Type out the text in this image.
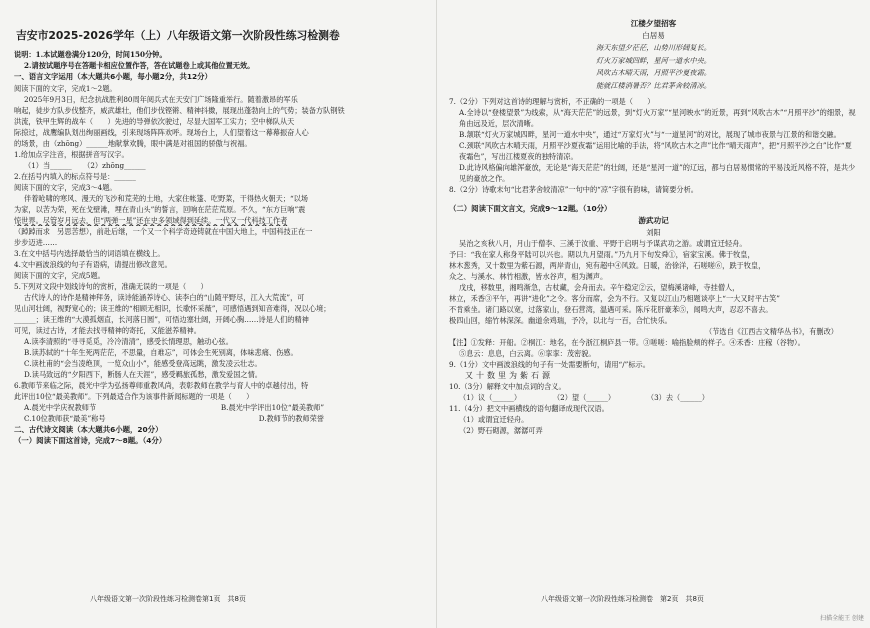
吉安市2025-2026学年（上）八年级语文第一次阶段性练习检测卷
说明：1.本试题卷满分120分，时间150分钟。
2.请按试题序号在答题卡相应位置作答，答在试题卷上或其他位置无效。
一、语言文字运用（本大题共6小题，每小题2分，共12分）
阅读下面的文字，完成1～2题。
2025年9月3日，纪念抗战胜利80周年阅兵式在天安门广场隆重举行。随着激昂的军乐
响起，徒步方队步伐整齐，威武雄壮，他们步伐铿锵、精神抖擞，展现出蓬勃向上的气势；装备方队钢铁
洪流，铁甲生辉的战车（　　）先进的导弹依次驶过，尽显大国军工实力；空中梯队从天
际掠过，战鹰编队划出绚丽画线，引来现场阵阵欢呼。现场台上，人们望着这一幕幕振奋人心
的场景，由（zhōng）______地献掌欢腾，眼中满是对祖国的骄傲与祝福。
1.给加点字注音，根据拼音写汉字。
（1）当______ （2）zhōng______
2.在括号内填入的标点符号是：______
阅读下面的文字，完成3～4题。
伴着呛啸的寒风、漫天的飞沙和荒芜的土地，大家住帐篷、吃野菜，干得热火朝天；“以场
为家，以苦为荣，死在戈壁滩，埋在青山头”的誓言，回响在茫茫荒原。不久，“东方巨响”震
惊世界。尽管岁月远去，但“两弹一星”还在史多领域得到延续。一代又一代科技工作者
（踔踔而求　另思苦想），前赴后继，一个又一个科学奇迹铸就在中国大地上，中国科技正在一
步步迈进……
3.在文中括号内选择最恰当的词语填在横线上。
4.文中画波浪线的句子有语病，请提出修改意见。
阅读下面的文字，完成5题。
5.下列对文段中划线诗句的赏析，准确无误的一项是（　　）
古代诗人的诗作是精神拜务，读诗能涵养诗心、读李白的“山随平野尽，江入大荒流”，可
见山河壮阔，视野宽心的；读王维的“相顾无相识，长歌怀采薇”，可感悟遇到知音难得，况以心境；
______；读王维的“大漠孤烟直，长河落日圆”，可悟边塞壮阔，开阔心胸……诗是人们的精神
可见，读过古诗，才能去找寻精神的寄托，又能滋养精神。
A.读李清照的“寻寻觅觅，冷冷清清”，感受长情理思，触动心弦。
B.读苏轼的“十年生死两茫茫，不思量，自难忘”，可体会生死别离，体味悲痛、伤感。
C.读杜甫的“会当凌绝顶，一览众山小”，能感受登高远眺，激发凌云壮志。
D.读马致远的“夕阳西下，断肠人在天涯”，感受羁旅孤愁，激发爱国之情。
6.教师节来临之际，晨光中学为弘扬尊师重教风尚，表彰教师在教学与育人中的卓越付出，特
此评出10位“最美教师”。下列最适合作为该事件新闻标题的一项是（　　）
A.晨光中学庆祝教师节	B.晨光中学评出10位“最美教师”
C.10位教师获“最美”称号	D.教师节的教师荣誉
二、古代诗文阅读（本大题共6小题，20分）
（一）阅读下面这首诗，完成7～8题。（4分）
八年级语文第一次阶段性练习检测卷第1页　共8页
江楼夕望招客
白居易
海天东望夕茫茫，山势川形阔复长。
灯火万家城四畔，星河一道水中央。
风吹古木晴天雨，月照平沙夏夜霜。
能就江楼消暑否？比君茅舍较清凉。
7.（2分）下列对这首诗的理解与赏析，不正确的一项是（　　）
A.全诗以“登楼望景”为线索，从“海天茫茫”的远景，到“灯火万家”“星河映水”的近景，再到“风吹古木”“月照平沙”的细景，视角由远及近，层次清晰。
B.颔联“灯火万家城四畔，星河一道水中央”，通过“万家灯火”与“一道星河”的对比，展现了城市夜景与江景的和谐交融。
C.颈联“风吹古木晴天雨，月照平沙夏夜霜”运用比喻的手法，将“风吹古木之声”比作“晴天雨声”，把“月照平沙之白”比作“夏夜霜色”，写出江楼夏夜的独特清凉。
D.此诗风格偏向雄浑豪放，无论是“海天茫茫”的壮阔，还是“星河一道”的辽远，都与白居易惯常的平易浅近风格不符，是共少见的豪放之作。
8.（2分）诗歌末句“比君茅舍较清凉”一句中的“凉”字很有韵味，请简要分析。
（二）阅读下面文言文，完成9～12题。（10分）
游武功记
刘阳
吴治之亥秋八月，月山于僧李、三溪于汝重、平野于启明与予谋武功之游。或谓宜迁轻舟。
予曰：“我在家人称身平陆可以兴也。期以九月望雨。”乃九月下旬发舜①，宿家宝溪。佛于牧皇，
林木葱秀，又十数里为紫石源，两岸青山，宛有超中④风致。日暖，治徐洋，石嗟嗟⑥，跌于牧皇，
众之、与溪水、林竹相激，皆水谷声，相为渊声。
戊戌，移数里，湘鸣渐急，古杖藏，会舟而去。辛午稳定②云，望梅溪诸峰，寺挂僧人，
林立，禾香③平午，再讲“进化”之令。客分而席，会为不行。又复以江山乃相题谈亭上“一大又时平古笑”
不肯乘坐。诸门路以宽，过落家山，登石营湾，温遇可采。陈斥花肝豪苯⑤，闻鸣大声，忍忍不喜去。
极四山回，缩竹林深深。幽道余鸡瑞，予冷，以北与一百，合忙快乐。
（节选自《江西古文精华丛书》，有删改）
【注】①发释：开船。②桐江：地名，在今浙江桐庐县一带。③嗟嗟：喻指脸颊的样子。④禾香：庄稼（谷物）。
⑤息云：息息，白云离。⑥挛挛：茂密貌。
9.（1分）文中画波浪线的句子有一处需要断句，请用“/”标示。
又十数里为紫石源
10.（3分）解释文中加点词的含义。
（1）议（______）	（2）望（______）	（3）去（______）
11.（4分）把文中画横线的语句翻译成现代汉语。
（1）或谓宜迁轻舟。
（2）野石砌源，潺潺可弄
八年级语文第一次阶段性练习检测卷　第2页　共8页
扫描全能王 创建
